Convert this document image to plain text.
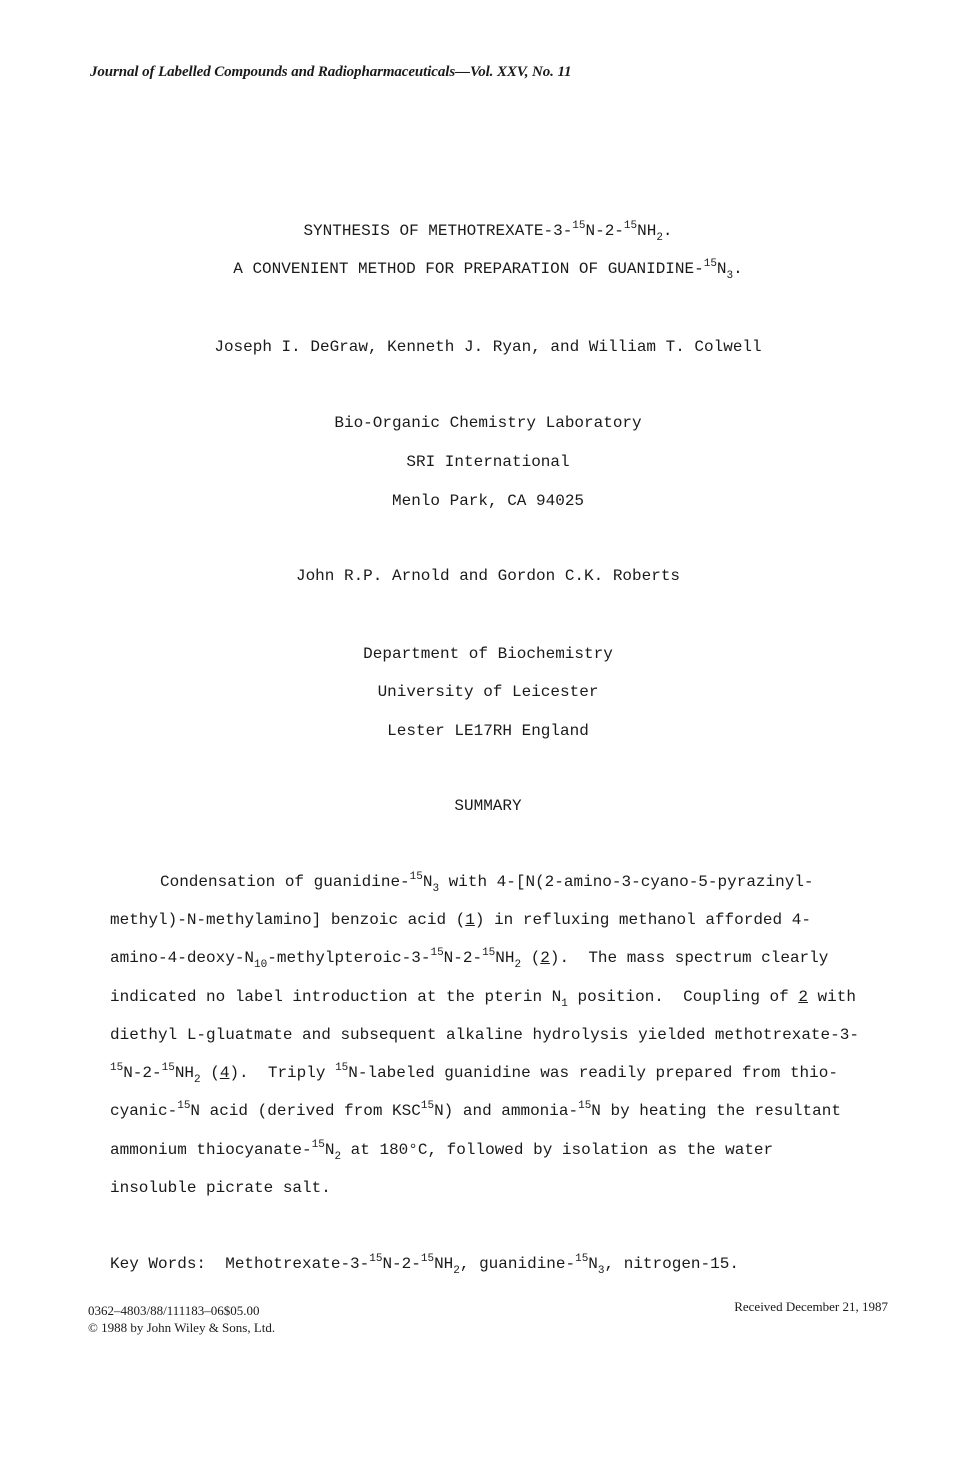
Journal of Labelled Compounds and Radiopharmaceuticals—Vol. XXV, No. 11
SYNTHESIS OF METHOTREXATE-$3-^{15}N-2-^{15}NH_2$.
A CONVENIENT METHOD FOR PREPARATION OF GUANIDINE-$^{15}N_3$.
Joseph I. DeGraw, Kenneth J. Ryan, and William T. Colwell
Bio-Organic Chemistry Laboratory
SRI International
Menlo Park, CA 94025
John R.P. Arnold and Gordon C.K. Roberts
Department of Biochemistry
University of Leicester
Lester LE17RH England
SUMMARY
Condensation of guanidine-$^{15}N_3$ with 4-[N(2-amino-3-cyano-5-pyrazinyl-
methyl)-N-methylamino] benzoic acid (1) in refluxing methanol afforded 4-
amino-$4-deoxy-N_{10}-methylpteroic-3-^{15}N-2-^{15}NH_2$ (2).  The mass spectrum clearly
indicated no label introduction at the pterin $N_1$ position.  Coupling of 2 with
diethyl L-gluatmate and subsequent alkaline hydrolysis yielded methotrexate-3-
$^{15}N-2-^{15}NH_2$ (4).  Triply $^{15}$N-labeled guanidine was readily prepared from thio-
cyanic-$^{15}$N acid (derived from KSC$^{15}$N) and ammonia-$^{15}$N by heating the resultant
ammonium thiocyanate-$^{15}N_2$ at 180°C, followed by isolation as the water
insoluble picrate salt.
Key Words:  Methotrexate-$3-^{15}N-2-^{15}NH_2$, guanidine-$^{15}N_3$, nitrogen-15.
0362–4803/88/111183–06$05.00
© 1988 by John Wiley & Sons, Ltd.
Received December 21, 1987
